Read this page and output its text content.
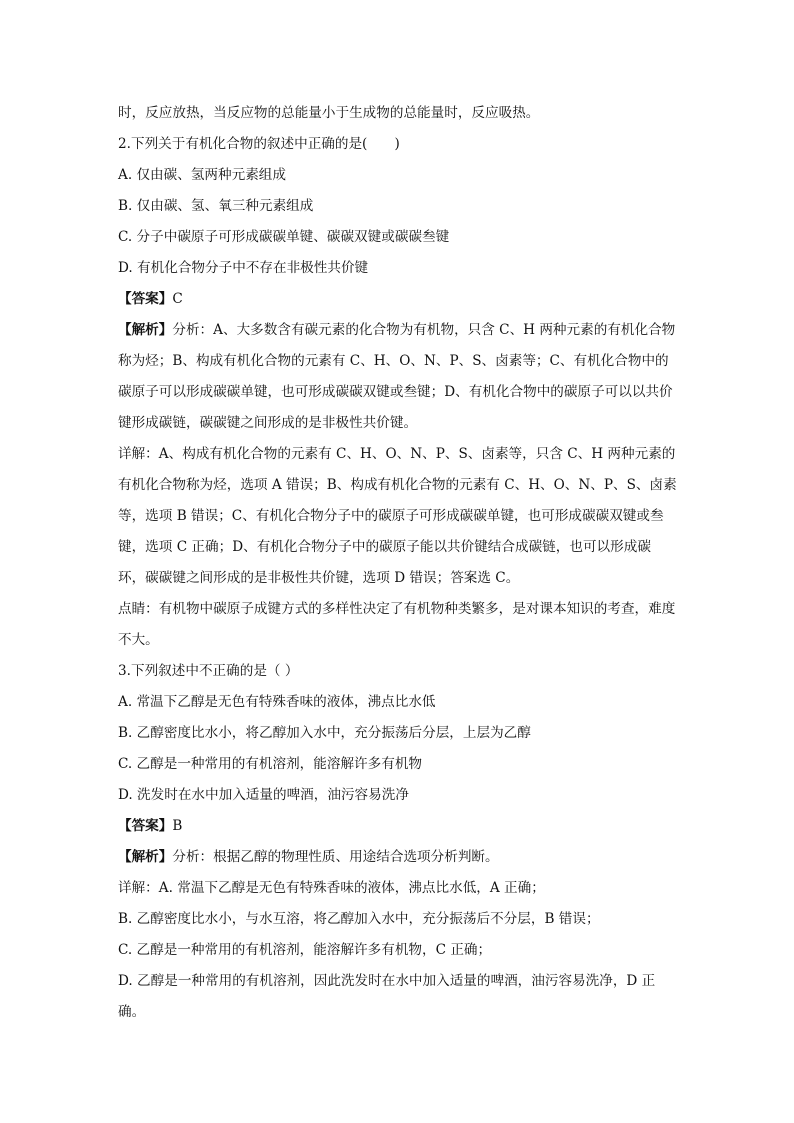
时，反应放热，当反应物的总能量小于生成物的总能量时，反应吸热。
2.下列关于有机化合物的叙述中正确的是(　　)
A. 仅由碳、氢两种元素组成
B. 仅由碳、氢、氧三种元素组成
C. 分子中碳原子可形成碳碳单键、碳碳双键或碳碳叁键
D. 有机化合物分子中不存在非极性共价键
【答案】C
【解析】分析：A、大多数含有碳元素的化合物为有机物，只含 C、H 两种元素的有机化合物称为烃；B、构成有机化合物的元素有 C、H、O、N、P、S、卤素等；C、有机化合物中的碳原子可以形成碳碳单键，也可形成碳碳双键或叁键；D、有机化合物中的碳原子可以以共价键形成碳链，碳碳键之间形成的是非极性共价键。
详解：A、构成有机化合物的元素有 C、H、O、N、P、S、卤素等，只含 C、H 两种元素的有机化合物称为烃，选项 A 错误；B、构成有机化合物的元素有 C、H、O、N、P、S、卤素等，选项 B 错误；C、有机化合物分子中的碳原子可形成碳碳单键，也可形成碳碳双键或叁键，选项 C 正确；D、有机化合物分子中的碳原子能以共价键结合成碳链，也可以形成碳环，碳碳键之间形成的是非极性共价键，选项 D 错误；答案选 C。
点睛：有机物中碳原子成键方式的多样性决定了有机物种类繁多，是对课本知识的考查，难度不大。
3.下列叙述中不正确的是（ ）
A. 常温下乙醇是无色有特殊香味的液体，沸点比水低
B. 乙醇密度比水小，将乙醇加入水中，充分振荡后分层，上层为乙醇
C. 乙醇是一种常用的有机溶剂，能溶解许多有机物
D. 洗发时在水中加入适量的啤酒，油污容易洗净
【答案】B
【解析】分析：根据乙醇的物理性质、用途结合选项分析判断。
详解：A. 常温下乙醇是无色有特殊香味的液体，沸点比水低，A 正确；
B. 乙醇密度比水小，与水互溶，将乙醇加入水中，充分振荡后不分层，B 错误；
C. 乙醇是一种常用的有机溶剂，能溶解许多有机物，C 正确；
D. 乙醇是一种常用的有机溶剂，因此洗发时在水中加入适量的啤酒，油污容易洗净，D 正确。
